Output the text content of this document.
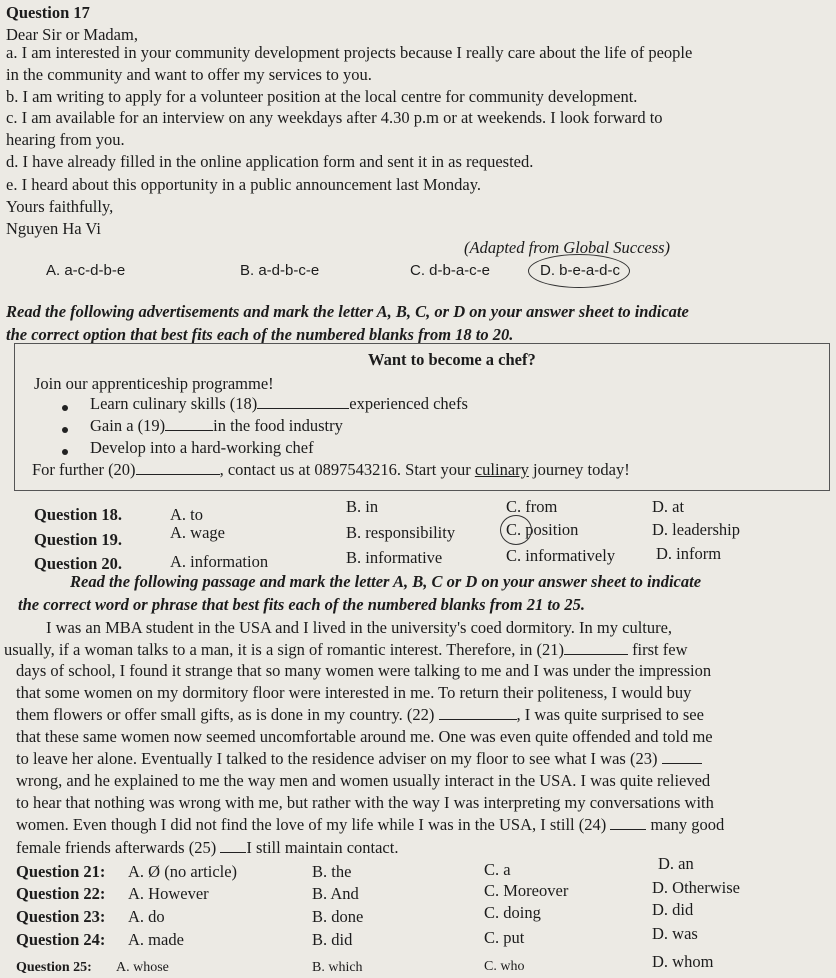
Question 17
Dear Sir or Madam,
a. I am interested in your community development projects because I really care about the life of people
in the community and want to offer my services to you.
b. I am writing to apply for a volunteer position at the local centre for community development.
c. I am available for an interview on any weekdays after 4.30 p.m or at weekends. I look forward to
hearing from you.
d. I have already filled in the online application form and sent it in as requested.
e. I heard about this opportunity in a public announcement last Monday.
Yours faithfully,
Nguyen Ha Vi
(Adapted from Global Success)
A. a-c-d-b-e	B. a-d-b-c-e	C. d-b-a-c-e	D. b-e-a-d-c
Read the following advertisements and mark the letter A, B, C, or D on your answer sheet to indicate
the correct option that best fits each of the numbered blanks from 18 to 20.
Want to become a chef?
Join our apprenticeship programme!
Learn culinary skills (18)	experienced chefs
Gain a (19)	in the food industry
Develop into a hard-working chef
For further (20)	, contact us at 0897543216. Start your culinary journey today!
Question 18.	A. to	B. in	C. from	D. at
Question 19.	A. wage	B. responsibility	C. position	D. leadership
Question 20.	A. information	B. informative	C. informatively D. inform
Read the following passage and mark the letter A, B, C or D on your answer sheet to indicate
the correct word or phrase that best fits each of the numbered blanks from 21 to 25.
I was an MBA student in the USA and I lived in the university's coed dormitory. In my culture,
usually, if a woman talks to a man, it is a sign of romantic interest. Therefore, in (21)	first few
days of school, I found it strange that so many women were talking to me and I was under the impression
that some women on my dormitory floor were interested in me. To return their politeness, I would buy
them flowers or offer small gifts, as is done in my country. (22)	, I was quite surprised to see
that these same women now seemed uncomfortable around me. One was even quite offended and told me
to leave her alone. Eventually I talked to the residence adviser on my floor to see what I was (23)
wrong, and he explained to me the way men and women usually interact in the USA. I was quite relieved
to hear that nothing was wrong with me, but rather with the way I was interpreting my conversations with
women. Even though I did not find the love of my life while I was in the USA, I still (24)  many good
female friends afterwards (25) I still maintain contact.
Question 21: A. Ø (no article)	B. the	C. a	D. an
Question 22: A. However	B. And	C. Moreover	D. Otherwise
Question 23: A. do	B. done	C. doing	D. did
Question 24: A. made	B. did	C. put	D. was
Question 25: A. whose	B. which	C. who	D. whom
